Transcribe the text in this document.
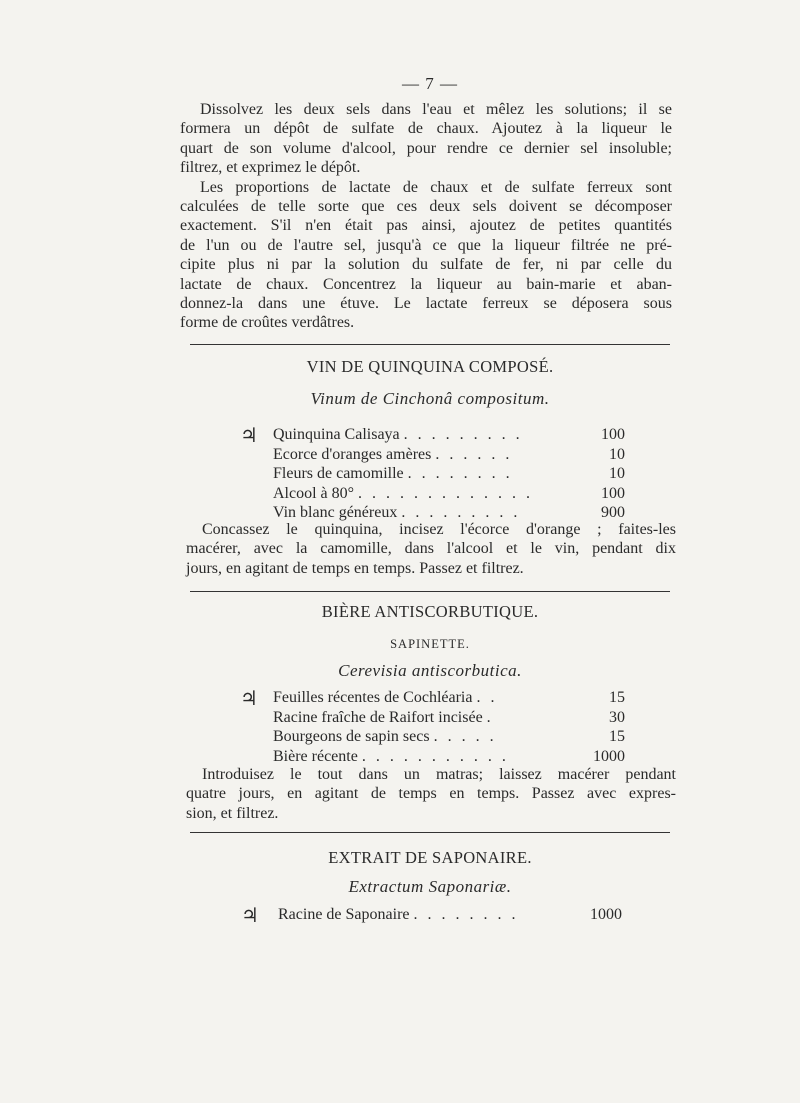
— 7 —

Dissolvez les deux sels dans l'eau et mêlez les solutions; il se

formera un dépôt de sulfate de chaux. Ajoutez à la liqueur le

quart de son volume d'alcool, pour rendre ce dernier sel insoluble;

filtrez, et exprimez le dépôt.

Les proportions de lactate de chaux et de sulfate ferreux sont

calculées de telle sorte que ces deux sels doivent se décomposer

exactement. S'il n'en était pas ainsi, ajoutez de petites quantités

de l'un ou de l'autre sel, jusqu'à ce que la liqueur filtrée ne pré-

cipite plus ni par la solution du sulfate de fer, ni par celle du

lactate de chaux. Concentrez la liqueur au bain-marie et aban-

donnez-la dans une étuve. Le lactate ferreux se déposera sous

forme de croûtes verdâtres.

VIN DE QUINQUINA COMPOSÉ.
Vinum de Cinchonâ compositum.
♃ Quinquina Calisaya . . . . . . . . .	100
Ecorce d'oranges amères . . . . . .	10
Fleurs de camomille . . . . . . . .	10
Alcool à 80° . . . . . . . . . . . . .	100
Vin blanc généreux . . . . . . . . .	900

Concassez le quinquina, incisez l'écorce d'orange ; faites-les

macérer, avec la camomille, dans l'alcool et le vin, pendant dix

jours, en agitant de temps en temps. Passez et filtrez.

BIÈRE ANTISCORBUTIQUE.
SAPINETTE.
Cerevisia antiscorbutica.
♃ Feuilles récentes de Cochléaria . .	15
Racine fraîche de Raifort incisée .	30
Bourgeons de sapin secs . . . . .	15
Bière récente . . . . . . . . . . .	1000

Introduisez le tout dans un matras; laissez macérer pendant

quatre jours, en agitant de temps en temps. Passez avec expres-

sion, et filtrez.

EXTRAIT DE SAPONAIRE.
Extractum Saponariæ.
♃ Racine de Saponaire . . . . . . . .	1000
